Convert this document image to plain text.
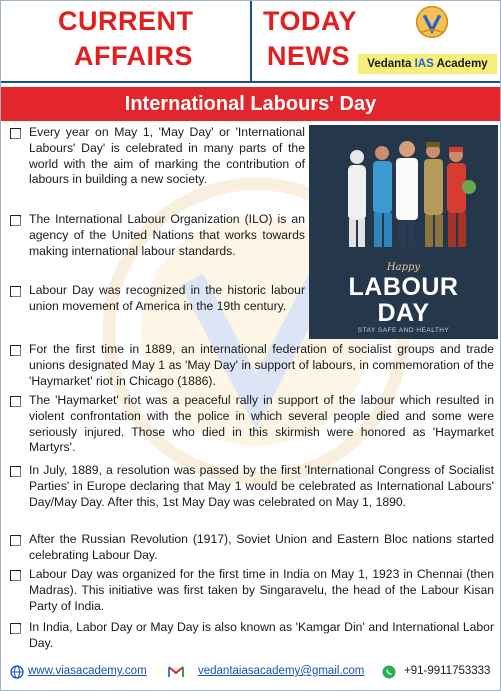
CURRENT
AFFAIRS
TODAY
NEWS	Vedanta IAS Academy
International Labours' Day
Happy
LABOUR
DAY
STAY SAFE AND HEALTHY
Every year on May 1, 'May Day' or 'International Labours' Day' is celebrated in many parts of the world with the aim of marking the contribution of labours in building a new society.
The International Labour Organization (ILO) is an agency of the United Nations that works towards making international labour standards.
Labour Day was recognized in the historic labour union movement of America in the 19th century.
For the first time in 1889, an international federation of socialist groups and trade unions designated May 1 as 'May Day' in support of labours, in commemoration of the 'Haymarket' riot in Chicago (1886).
The 'Haymarket' riot was a peaceful rally in support of the labour which resulted in violent confrontation with the police in which several people died and some were seriously injured. Those who died in this skirmish were honored as 'Haymarket Martyrs'.
In July, 1889, a resolution was passed by the first 'International Congress of Socialist Parties' in Europe declaring that May 1 would be celebrated as International Labours' Day/May Day. After this, 1st May Day was celebrated on May 1, 1890.
After the Russian Revolution (1917), Soviet Union and Eastern Bloc nations started celebrating Labour Day.
Labour Day was organized for the first time in India on May 1, 1923 in Chennai (then Madras). This initiative was first taken by Singaravelu, the head of the Labour Kisan Party of India.
In India, Labor Day or May Day is also known as 'Kamgar Din' and International Labor Day.
www.viasacademy.com	vedantaiasacademy@gmail.com	+91-9911753333
